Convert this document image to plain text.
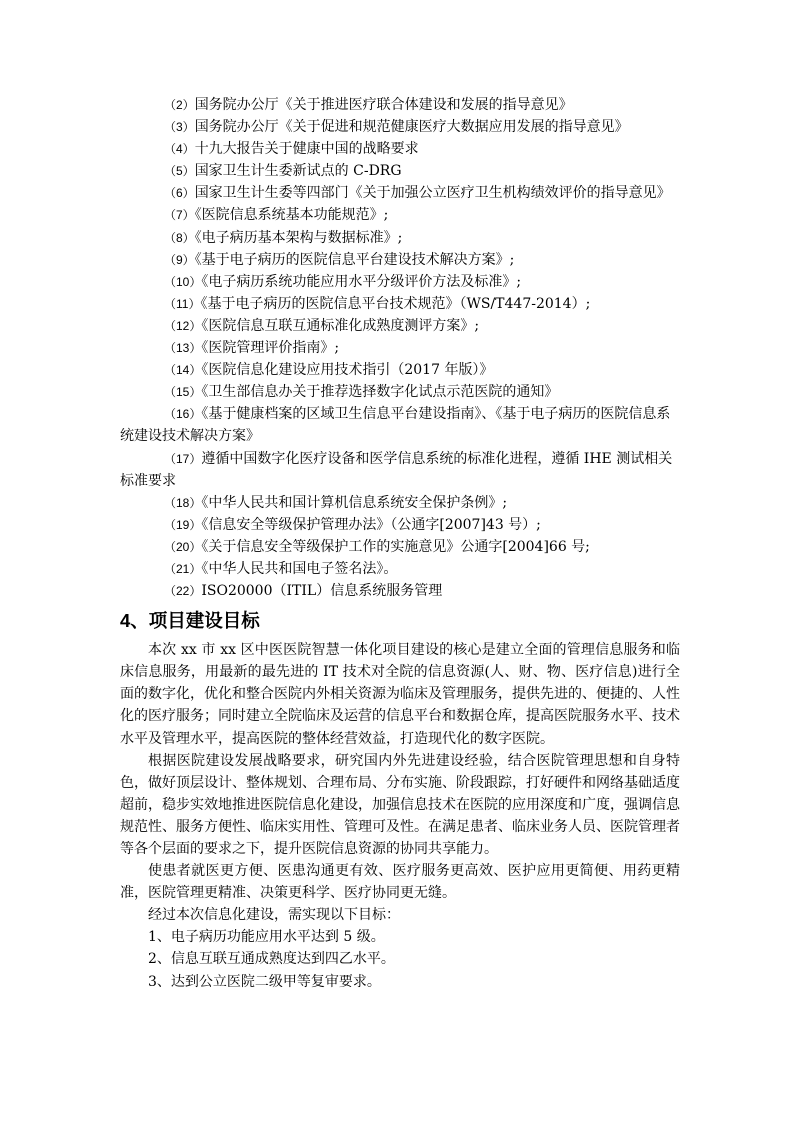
（2）国务院办公厅《关于推进医疗联合体建设和发展的指导意见》

（3）国务院办公厅《关于促进和规范健康医疗大数据应用发展的指导意见》

（4）十九大报告关于健康中国的战略要求

（5）国家卫生计生委新试点的 C-DRG

（6）国家卫生计生委等四部门《关于加强公立医疗卫生机构绩效评价的指导意见》

（7）《医院信息系统基本功能规范》;

（8）《电子病历基本架构与数据标准》;

（9）《基于电子病历的医院信息平台建设技术解决方案》;

（10）《电子病历系统功能应用水平分级评价方法及标准》;

（11）《基于电子病历的医院信息平台技术规范》（WS/T447-2014）;

（12）《医院信息互联互通标准化成熟度测评方案》;

（13）《医院管理评价指南》;

（14）《医院信息化建设应用技术指引（2017 年版）》

（15）《卫生部信息办关于推荐选择数字化试点示范医院的通知》

（16）《基于健康档案的区域卫生信息平台建设指南》、《基于电子病历的医院信息系统建设技术解决方案》

（17）遵循中国数字化医疗设备和医学信息系统的标准化进程，遵循 IHE 测试相关标准要求

（18）《中华人民共和国计算机信息系统安全保护条例》;

（19）《信息安全等级保护管理办法》（公通字[2007]43 号）;

（20）《关于信息安全等级保护工作的实施意见》公通字[2004]66 号;

（21）《中华人民共和国电子签名法》。

（22）ISO20000（ITIL）信息系统服务管理

4、项目建设目标

本次 xx 市 xx 区中医医院智慧一体化项目建设的核心是建立全面的管理信息服务和临床信息服务，用最新的最先进的 IT 技术对全院的信息资源(人、财、物、医疗信息)进行全面的数字化，优化和整合医院内外相关资源为临床及管理服务，提供先进的、便捷的、人性化的医疗服务；同时建立全院临床及运营的信息平台和数据仓库，提高医院服务水平、技术水平及管理水平，提高医院的整体经营效益，打造现代化的数字医院。

根据医院建设发展战略要求，研究国内外先进建设经验，结合医院管理思想和自身特色，做好顶层设计、整体规划、合理布局、分布实施、阶段跟踪，打好硬件和网络基础适度超前，稳步实效地推进医院信息化建设，加强信息技术在医院的应用深度和广度，强调信息规范性、服务方便性、临床实用性、管理可及性。在满足患者、临床业务人员、医院管理者等各个层面的要求之下，提升医院信息资源的协同共享能力。

使患者就医更方便、医患沟通更有效、医疗服务更高效、医护应用更简便、用药更精准，医院管理更精准、决策更科学、医疗协同更无缝。

经过本次信息化建设，需实现以下目标：

1、电子病历功能应用水平达到 5 级。

2、信息互联互通成熟度达到四乙水平。

3、达到公立医院二级甲等复审要求。
